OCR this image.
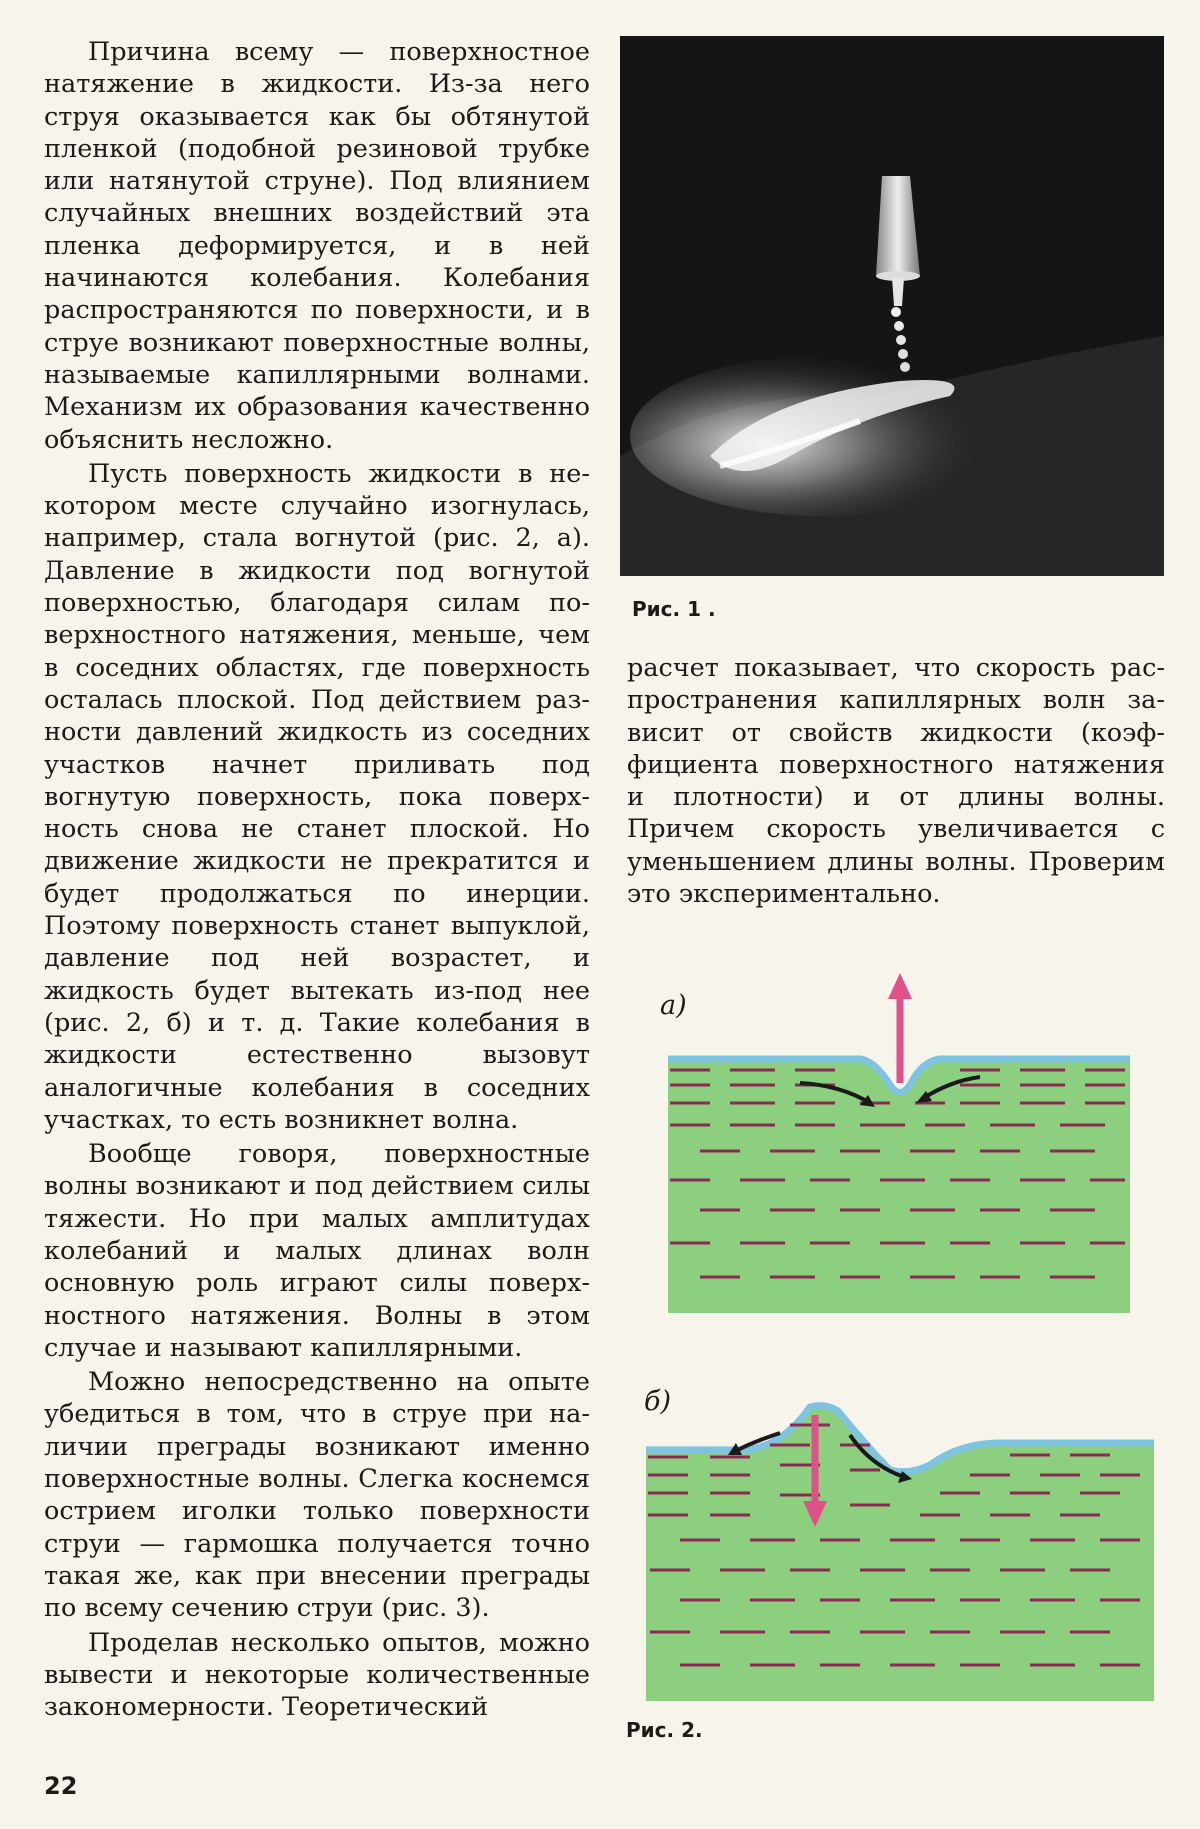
Причина всему — поверхностное натяжение в жидкости. Из-за него струя оказывается как бы обтянутой пленкой (подобной резиновой трубке или натянутой струне). Под влиянием случайных внешних воздействий эта пленка деформируется, и в ней начинаются колебания. Колебания распространяются по поверхности, и в струе возникают поверхностные волны, называемые капиллярными волнами. Механизм их образования качественно объяснить несложно.

Пусть поверхность жидкости в некотором месте случайно изогнулась, например, стала вогнутой (рис. 2, а). Давление в жидкости под вогнутой поверхностью, благодаря силам поверхностного натяжения, меньше, чем в соседних областях, где поверхность осталась плоской. Под действием разности давлений жидкость из соседних участков начнет приливать под вогнутую поверхность, пока поверхность снова не станет плоской. Но движение жидкости не прекратится и будет продолжаться по инерции. Поэтому поверхность станет выпуклой, давление под ней возрастет, и жидкость будет вытекать из-под нее (рис. 2, б) и т. д. Такие колебания в жидкости естественно вызовут аналогичные колебания в соседних участках, то есть возникнет волна.

Вообще говоря, поверхностные волны возникают и под действием силы тяжести. Но при малых амплитудах колебаний и малых длинах волн основную роль играют силы поверхностного натяжения. Волны в этом случае и называют капиллярными.

Можно непосредственно на опыте убедиться в том, что в струе при наличии преграды возникают именно поверхностные волны. Слегка коснемся острием иголки только поверхности струи — гармошка получается точно такая же, как при внесении преграды по всему сечению струи (рис. 3).

Проделав несколько опытов, можно вывести и некоторые количественные закономерности. Теоретический

Рис. 1 .

расчет показывает, что скорость распространения капиллярных волн зависит от свойств жидкости (коэффициента поверхностного натяжения и плотности) и от длины волны. Причем скорость увеличивается с уменьшением длины волны. Проверим это экспериментально.

а)

б)

Рис. 2.

22
